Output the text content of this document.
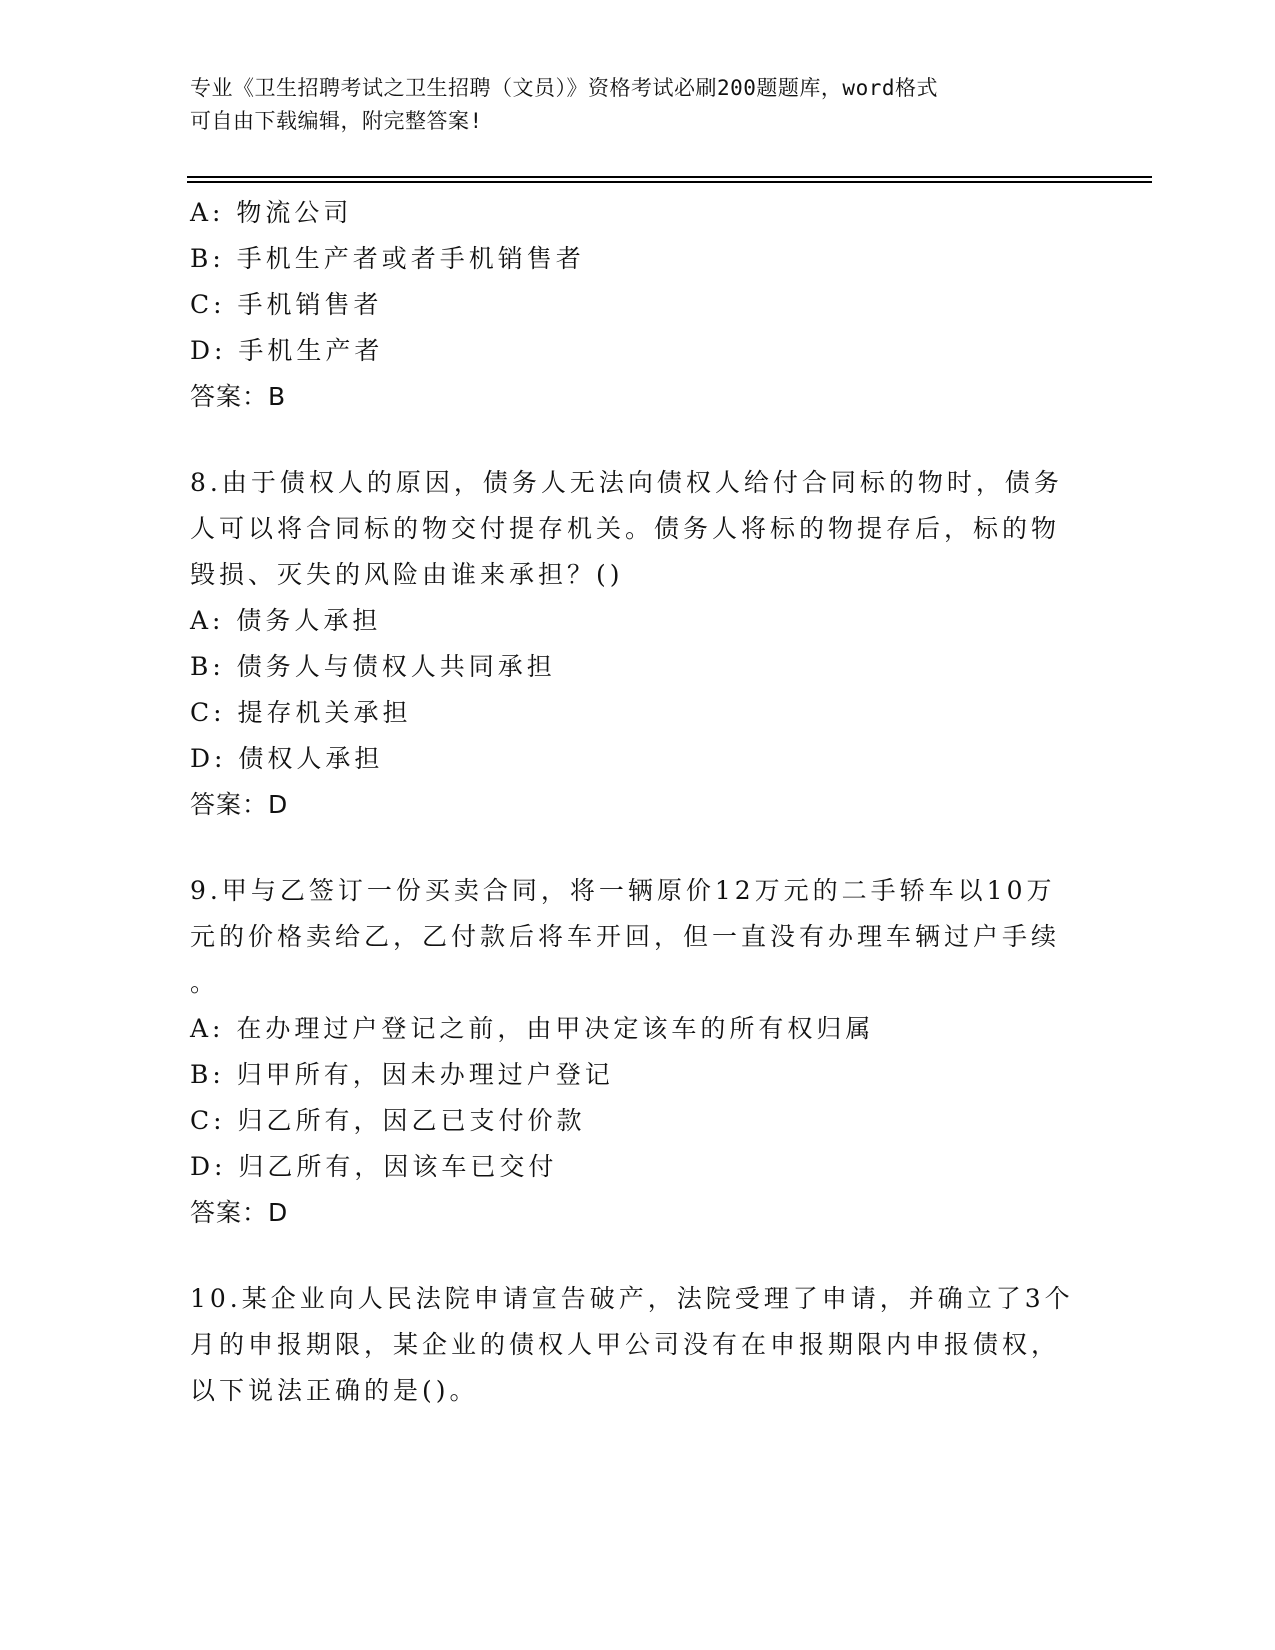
专业《卫生招聘考试之卫生招聘（文员）》资格考试必刷200题题库，word格式
可自由下载编辑，附完整答案!
A: 物流公司
B: 手机生产者或者手机销售者
C: 手机销售者
D: 手机生产者
答案：B
8.由于债权人的原因，债务人无法向债权人给付合同标的物时，债务
人可以将合同标的物交付提存机关。债务人将标的物提存后，标的物
毁损、灭失的风险由谁来承担？()
A: 债务人承担
B: 债务人与债权人共同承担
C: 提存机关承担
D: 债权人承担
答案：D
9.甲与乙签订一份买卖合同，将一辆原价12万元的二手轿车以10万
元的价格卖给乙，乙付款后将车开回，但一直没有办理车辆过户手续
。
A: 在办理过户登记之前，由甲决定该车的所有权归属
B: 归甲所有，因未办理过户登记
C: 归乙所有，因乙已支付价款
D: 归乙所有，因该车已交付
答案：D
10.某企业向人民法院申请宣告破产，法院受理了申请，并确立了3个
月的申报期限，某企业的债权人甲公司没有在申报期限内申报债权，
以下说法正确的是()。
